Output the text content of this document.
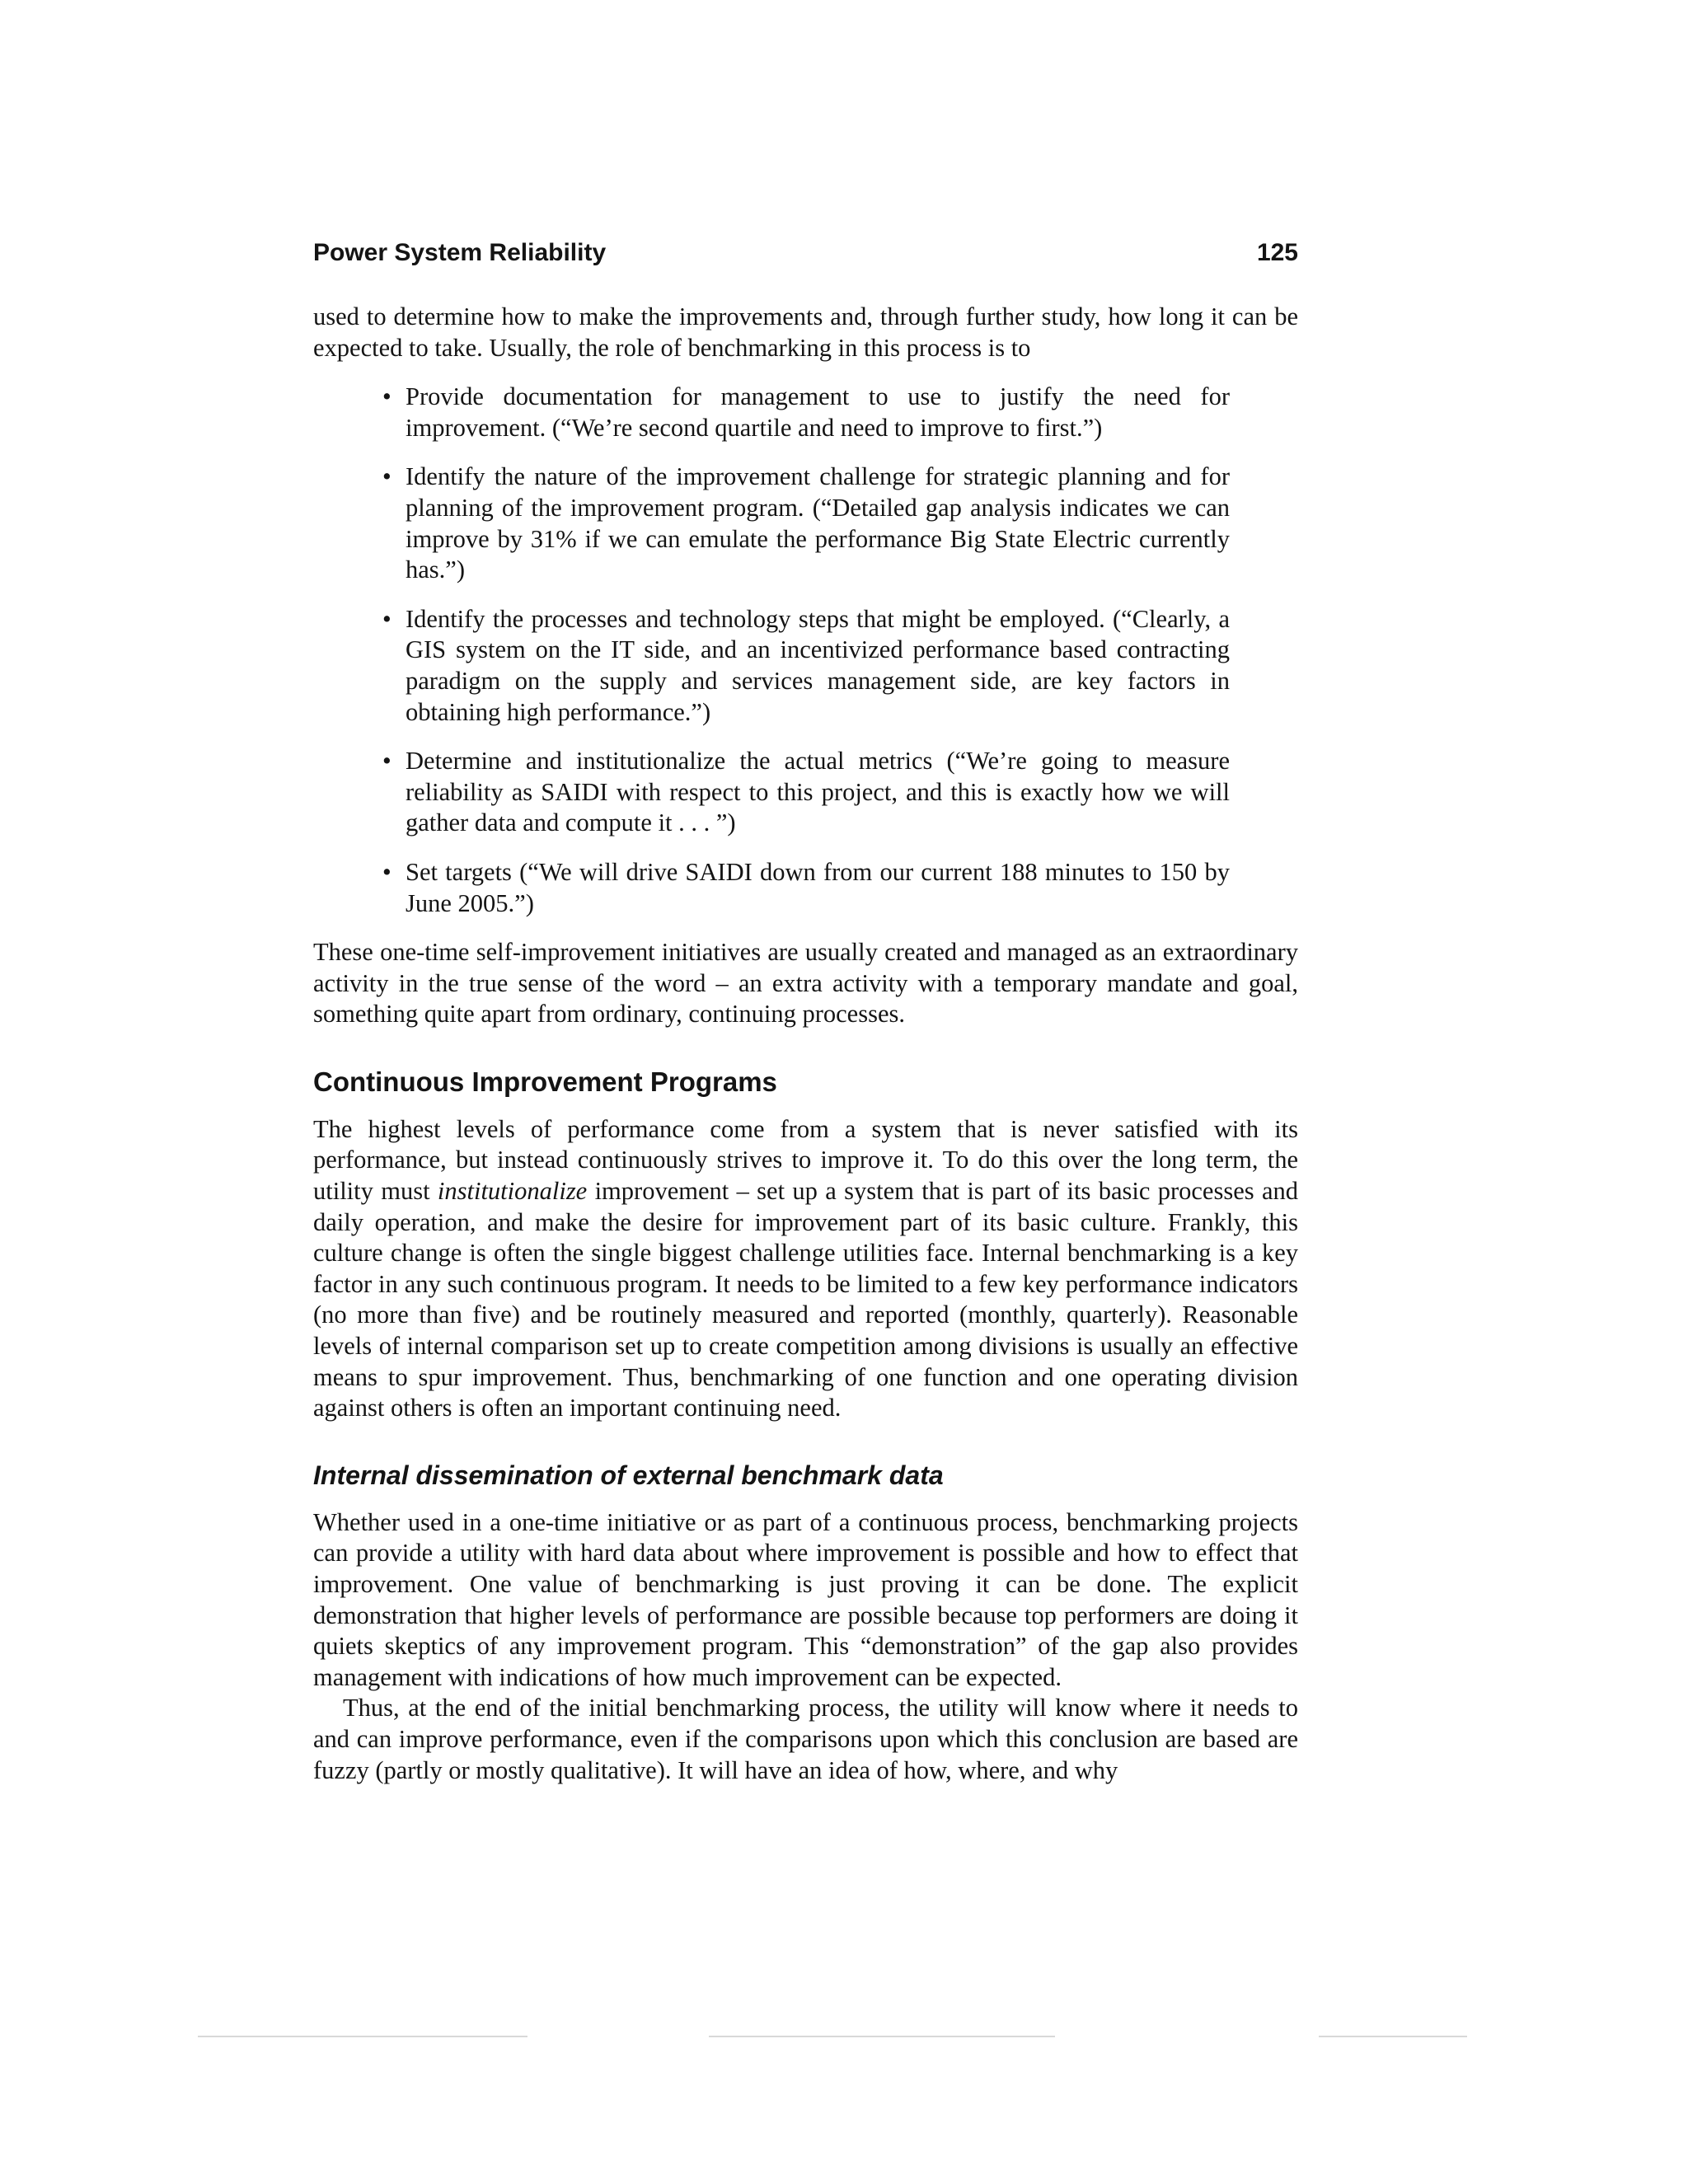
Power System Reliability	125

used to determine how to make the improvements and, through further study, how long it can be expected to take. Usually, the role of benchmarking in this process is to

• Provide documentation for management to use to justify the need for improvement. (“We’re second quartile and need to improve to first.”)
• Identify the nature of the improvement challenge for strategic planning and for planning of the improvement program. (“Detailed gap analysis indicates we can improve by 31% if we can emulate the performance Big State Electric currently has.”)
• Identify the processes and technology steps that might be employed. (“Clearly, a GIS system on the IT side, and an incentivized performance based contracting paradigm on the supply and services management side, are key factors in obtaining high performance.”)
• Determine and institutionalize the actual metrics (“We’re going to measure reliability as SAIDI with respect to this project, and this is exactly how we will gather data and compute it . . . ”)
• Set targets (“We will drive SAIDI down from our current 188 minutes to 150 by June 2005.”)

These one-time self-improvement initiatives are usually created and managed as an extraordinary activity in the true sense of the word – an extra activity with a temporary mandate and goal, something quite apart from ordinary, continuing processes.

Continuous Improvement Programs

The highest levels of performance come from a system that is never satisfied with its performance, but instead continuously strives to improve it. To do this over the long term, the utility must institutionalize improvement – set up a system that is part of its basic processes and daily operation, and make the desire for improvement part of its basic culture. Frankly, this culture change is often the single biggest challenge utilities face. Internal benchmarking is a key factor in any such continuous program. It needs to be limited to a few key performance indicators (no more than five) and be routinely measured and reported (monthly, quarterly). Reasonable levels of internal comparison set up to create competition among divisions is usually an effective means to spur improvement. Thus, benchmarking of one function and one operating division against others is often an important continuing need.

Internal dissemination of external benchmark data

Whether used in a one-time initiative or as part of a continuous process, benchmarking projects can provide a utility with hard data about where improvement is possible and how to effect that improvement. One value of benchmarking is just proving it can be done. The explicit demonstration that higher levels of performance are possible because top performers are doing it quiets skeptics of any improvement program. This “demonstration” of the gap also provides management with indications of how much improvement can be expected.

Thus, at the end of the initial benchmarking process, the utility will know where it needs to and can improve performance, even if the comparisons upon which this conclusion are based are fuzzy (partly or mostly qualitative). It will have an idea of how, where, and why
